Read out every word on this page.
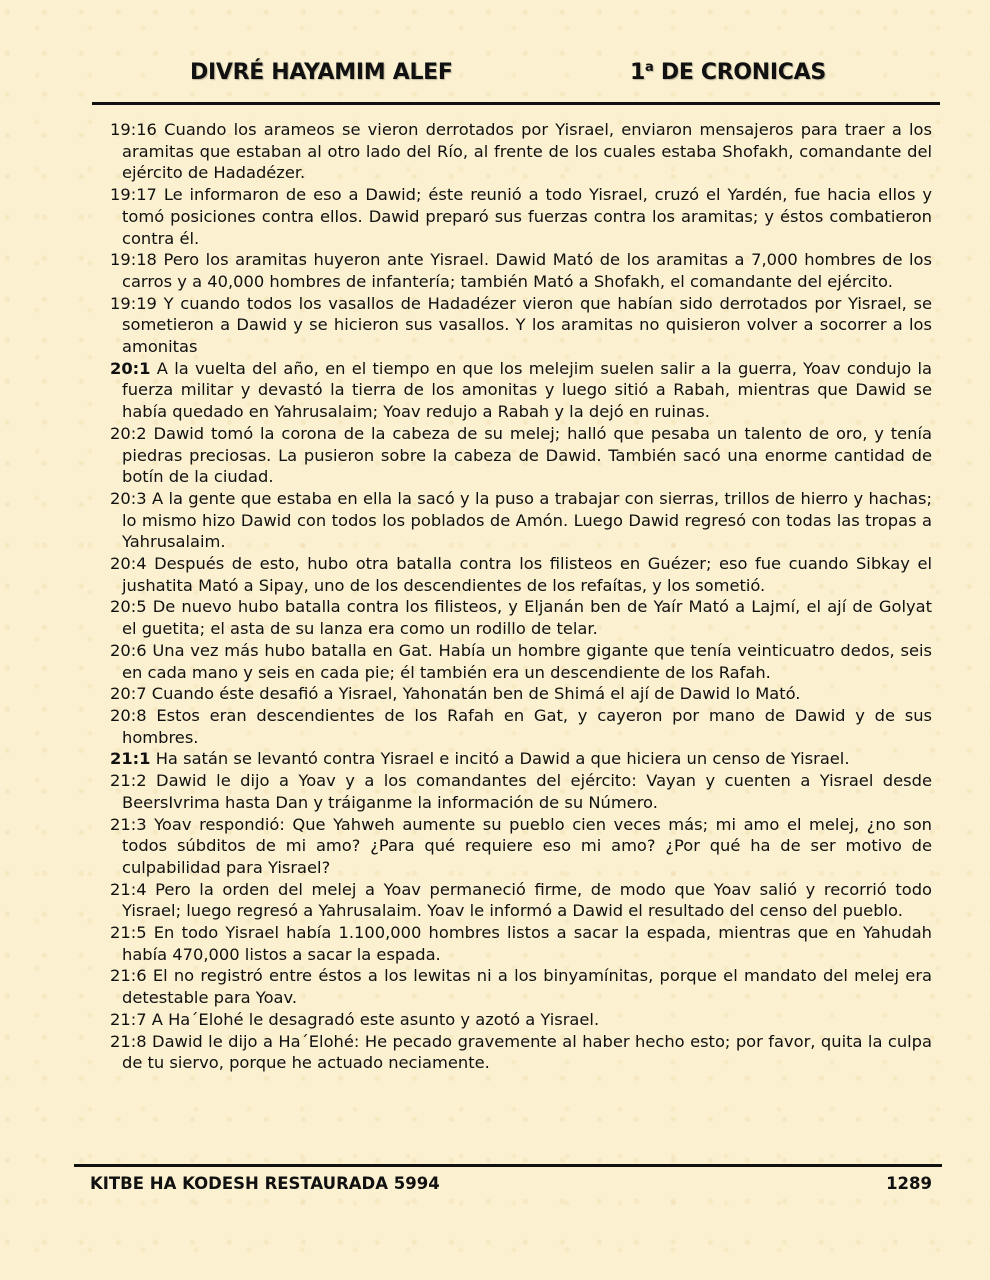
DIVRÉ HAYAMIM ALEF	1$^a$ DE CRONICAS

19:16 Cuando los arameos se vieron derrotados por Yisrael, enviaron mensajeros para traer a los aramitas que estaban al otro lado del Río, al frente de los cuales estaba Shofakh, comandante del ejército de Hadadézer.

19:17 Le informaron de eso a Dawid; éste reunió a todo Yisrael, cruzó el Yardén, fue hacia ellos y tomó posiciones contra ellos. Dawid preparó sus fuerzas contra los aramitas; y éstos combatieron contra él.

19:18 Pero los aramitas huyeron ante Yisrael. Dawid Mató de los aramitas a 7,000 hombres de los carros y a 40,000 hombres de infantería; también Mató a Shofakh, el comandante del ejército.

19:19 Y cuando todos los vasallos de Hadadézer vieron que habían sido derrotados por Yisrael, se sometieron a Dawid y se hicieron sus vasallos. Y los aramitas no quisieron volver a socorrer a los amonitas

20:1 A la vuelta del año, en el tiempo en que los melejim suelen salir a la guerra, Yoav condujo la fuerza militar y devastó la tierra de los amonitas y luego sitió a Rabah, mientras que Dawid se había quedado en Yahrusalaim; Yoav redujo a Rabah y la dejó en ruinas.

20:2 Dawid tomó la corona de la cabeza de su melej; halló que pesaba un talento de oro, y tenía piedras preciosas. La pusieron sobre la cabeza de Dawid. También sacó una enorme cantidad de botín de la ciudad.

20:3 A la gente que estaba en ella la sacó y la puso a trabajar con sierras, trillos de hierro y hachas; lo mismo hizo Dawid con todos los poblados de Amón. Luego Dawid regresó con todas las tropas a Yahrusalaim.

20:4 Después de esto, hubo otra batalla contra los filisteos en Guézer; eso fue cuando Sibkay el jushatita Mató a Sipay, uno de los descendientes de los refaítas, y los sometió.

20:5 De nuevo hubo batalla contra los filisteos, y Eljanán ben de Yaír Mató a Lajmí, el ají de Golyat el guetita; el asta de su lanza era como un rodillo de telar.

20:6 Una vez más hubo batalla en Gat. Había un hombre gigante que tenía veinticuatro dedos, seis en cada mano y seis en cada pie; él también era un descendiente de los Rafah.

20:7 Cuando éste desafió a Yisrael, Yahonatán ben de Shimá el ají de Dawid lo Mató.

20:8 Estos eran descendientes de los Rafah en Gat, y cayeron por mano de Dawid y de sus hombres.

21:1 Ha satán se levantó contra Yisrael e incitó a Dawid a que hiciera un censo de Yisrael.

21:2 Dawid le dijo a Yoav y a los comandantes del ejército: Vayan y cuenten a Yisrael desde BeersIvrima hasta Dan y tráiganme la información de su Número.

21:3 Yoav respondió: Que Yahweh aumente su pueblo cien veces más; mi amo el melej, ¿no son todos súbditos de mi amo? ¿Para qué requiere eso mi amo? ¿Por qué ha de ser motivo de culpabilidad para Yisrael?

21:4 Pero la orden del melej a Yoav permaneció firme, de modo que Yoav salió y recorrió todo Yisrael; luego regresó a Yahrusalaim. Yoav le informó a Dawid el resultado del censo del pueblo.

21:5 En todo Yisrael había 1.100,000 hombres listos a sacar la espada, mientras que en Yahudah había 470,000 listos a sacar la espada.

21:6 El no registró entre éstos a los lewitas ni a los binyamínitas, porque el mandato del melej era detestable para Yoav.

21:7 A Ha´Elohé le desagradó este asunto y azotó a Yisrael.

21:8 Dawid le dijo a Ha´Elohé: He pecado gravemente al haber hecho esto; por favor, quita la culpa de tu siervo, porque he actuado neciamente.

KITBE HA KODESH RESTAURADA 5994	1289
